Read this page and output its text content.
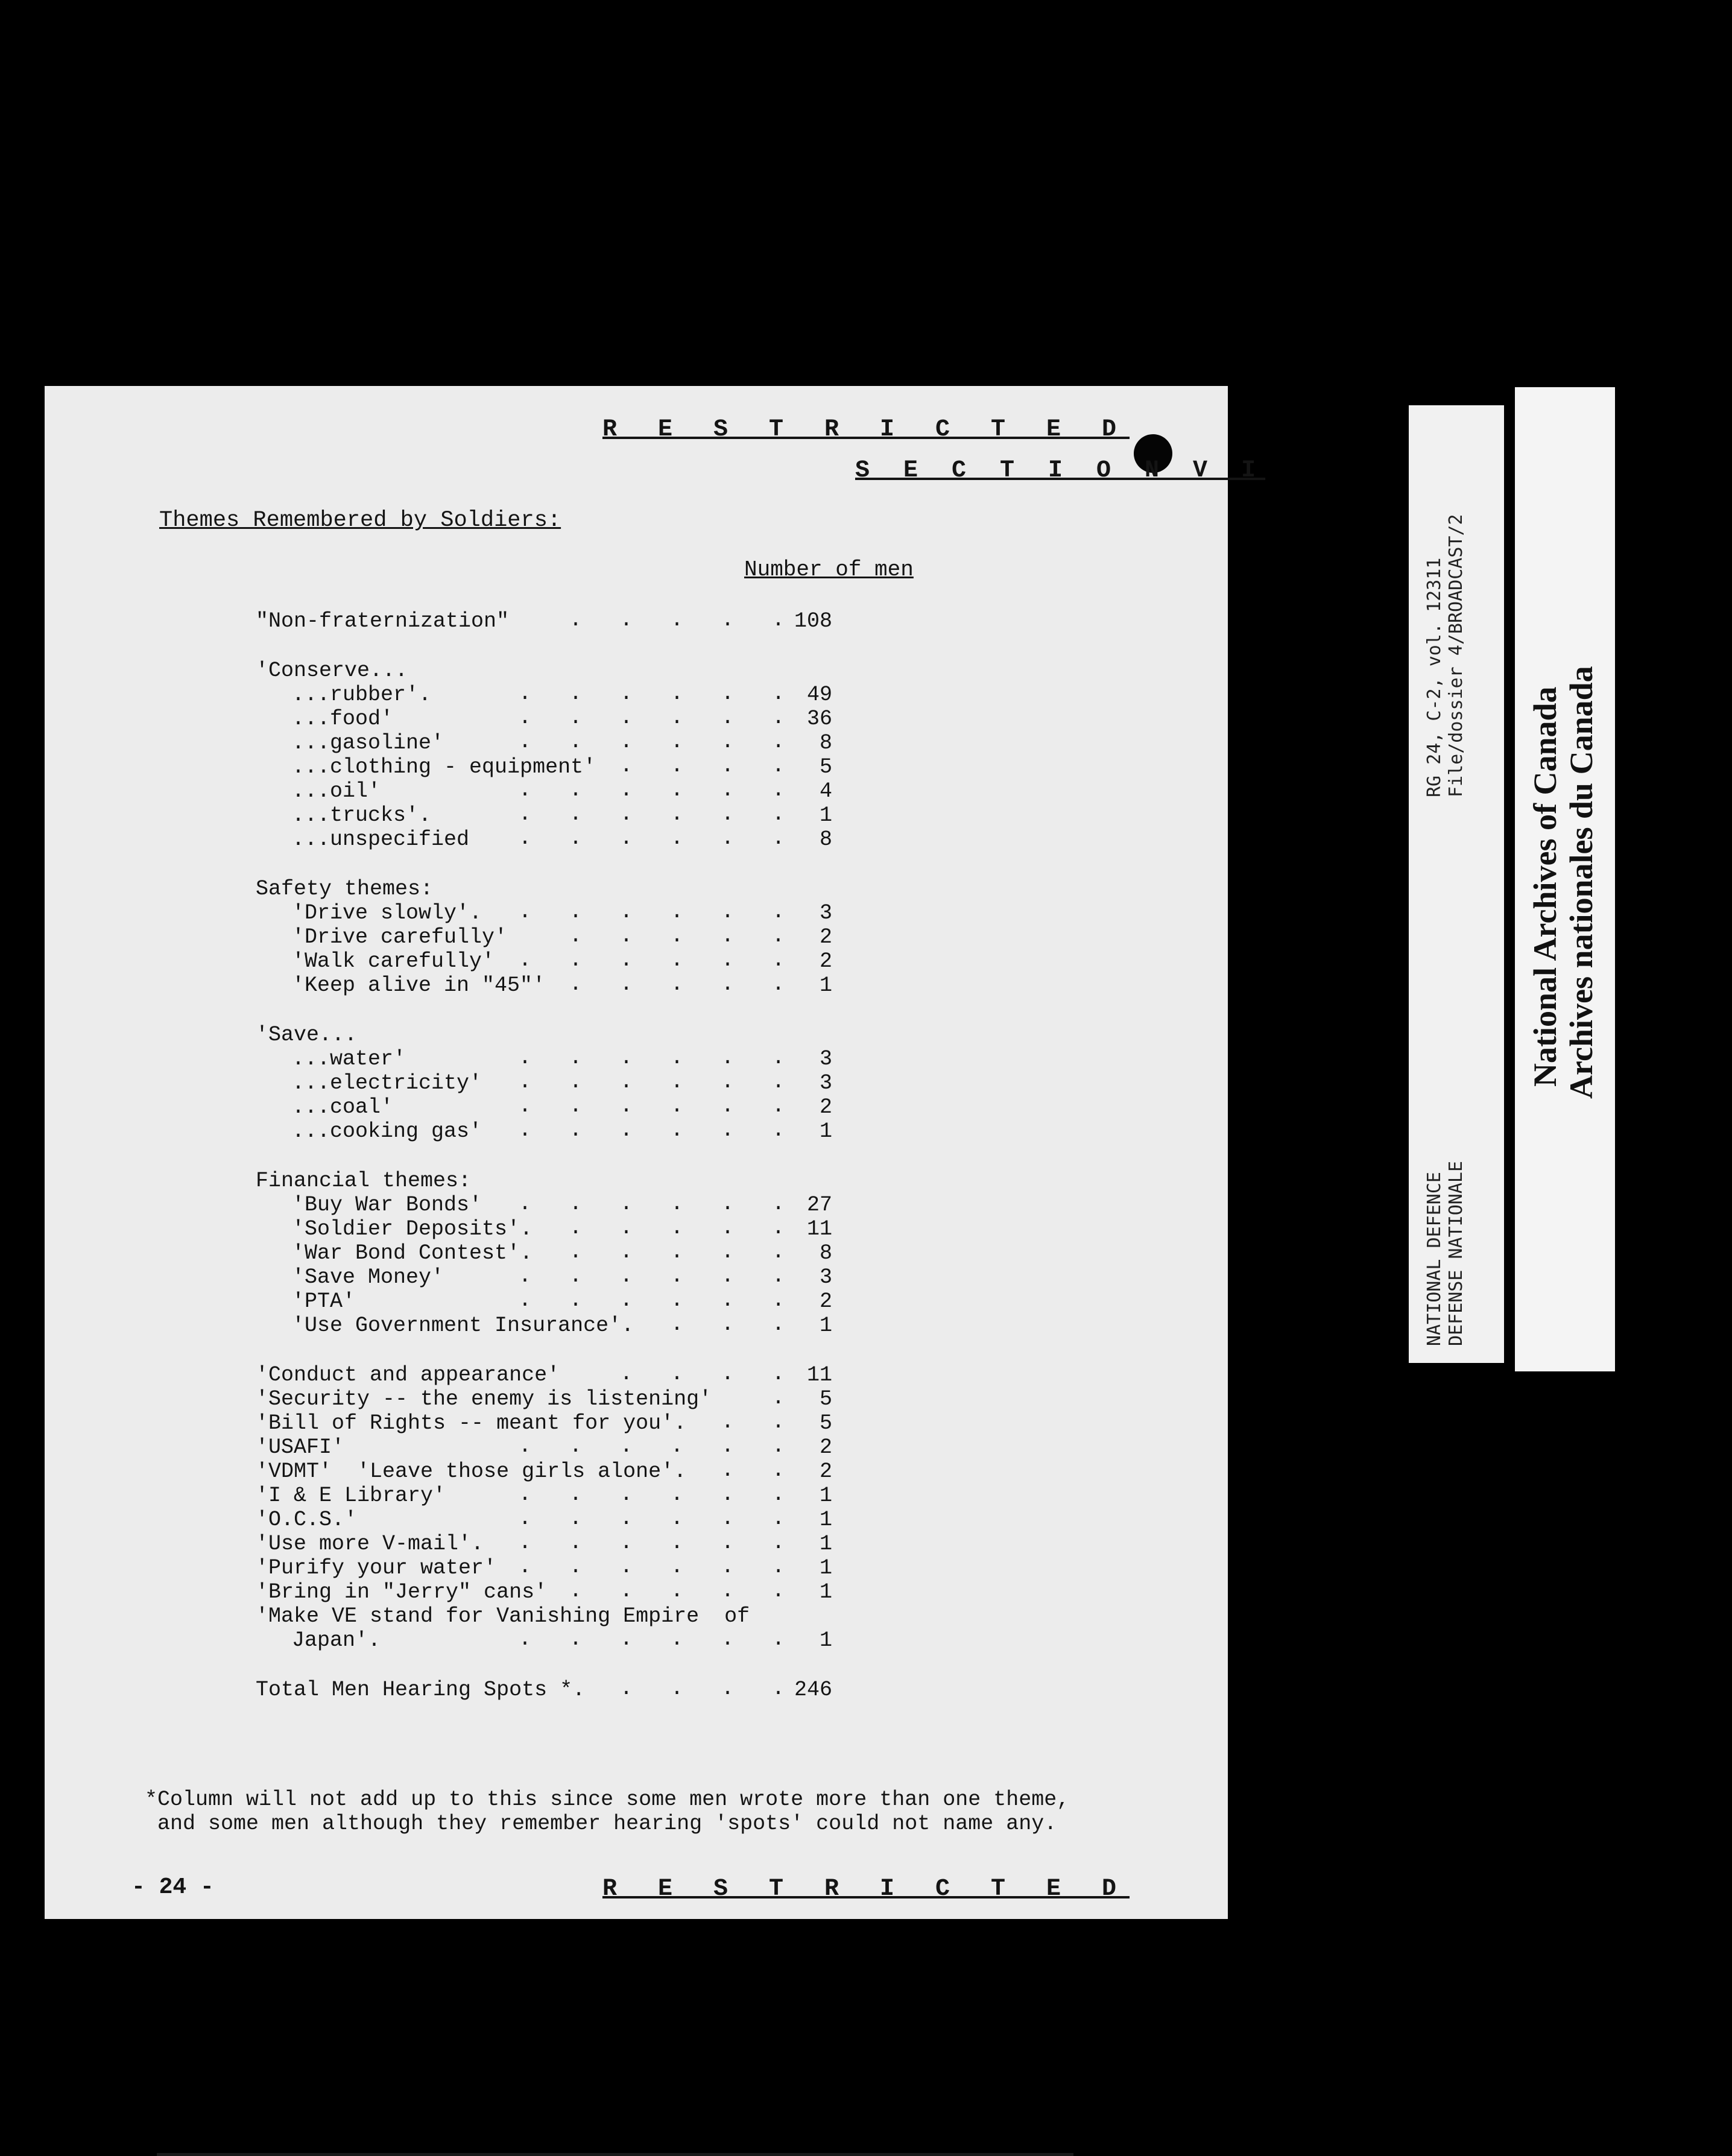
R E S T R I C T E D
S E C T I O N V I
Themes Remembered by Soldiers:
Number of men
"Non-fraternization"	.   .   .   .   . 108
'Conserve...
...rubber'.	.   .   .   .   .   .	49
...food'	.   .   .   .   .   .	36
...gasoline'	.   .   .   .   .   .	8
...clothing - equipment' .   .   .   .	5
...oil'	.   .   .   .   .   .	4
...trucks'.	.   .   .   .   .   .	1
...unspecified .   .   .   .   .   .	8
Safety themes:
'Drive slowly'. .   .   .   .   .   .	3
'Drive carefully'	.   .   .   .   .	2
'Walk carefully' .   .   .   .   .   .	2
'Keep alive in "45"' .   .   .   .   .	1
'Save...
...water'	.   .   .   .   .   .	3
...electricity' .   .   .   .   .   .	3
...coal'	.   .   .   .   .   .	2
...cooking gas' .   .   .   .   .   .	1
Financial themes:
'Buy War Bonds' .   .   .   .   .   .	27
'Soldier Deposits'. .   .   .   .   .	11
'War Bond Contest'. .   .   .   .   .	8
'Save Money'	.   .   .   .   .   .	3
'PTA'	.   .   .   .   .   .	2
'Use Government Insurance'. .   .   .	1
'Conduct and appearance'	.   .   .   .	11
'Security -- the enemy is listening'	.	5
'Bill of Rights -- meant for you'. .   .	5
'USAFI'	.   .   .   .   .   .	2
'VDMT'  'Leave those girls alone'. .   .	2
'I & E Library'	.   .   .   .   .   .	1
'O.C.S.'	.   .   .   .   .   .	1
'Use more V-mail'. .   .   .   .   .   .	1
'Purify your water' .   .   .   .   .   .	1
'Bring in "Jerry" cans' .   .   .   .   .	1
'Make VE stand for Vanishing Empire  of
Japan'.	.   .   .   .   .   .	1
Total Men Hearing Spots *. .   .   .   . 246
*Column will not add up to this since some men wrote more than one theme,
and some men although they remember hearing 'spots' could not name any.
- 24 -	R E S T R I C T E D
RG 24, C-2, vol. 12311 File/dossier 4/BROADCAST/2
NATIONAL DEFENCE DEFENSE NATIONALE
National Archives of Canada Archives nationales du Canada
